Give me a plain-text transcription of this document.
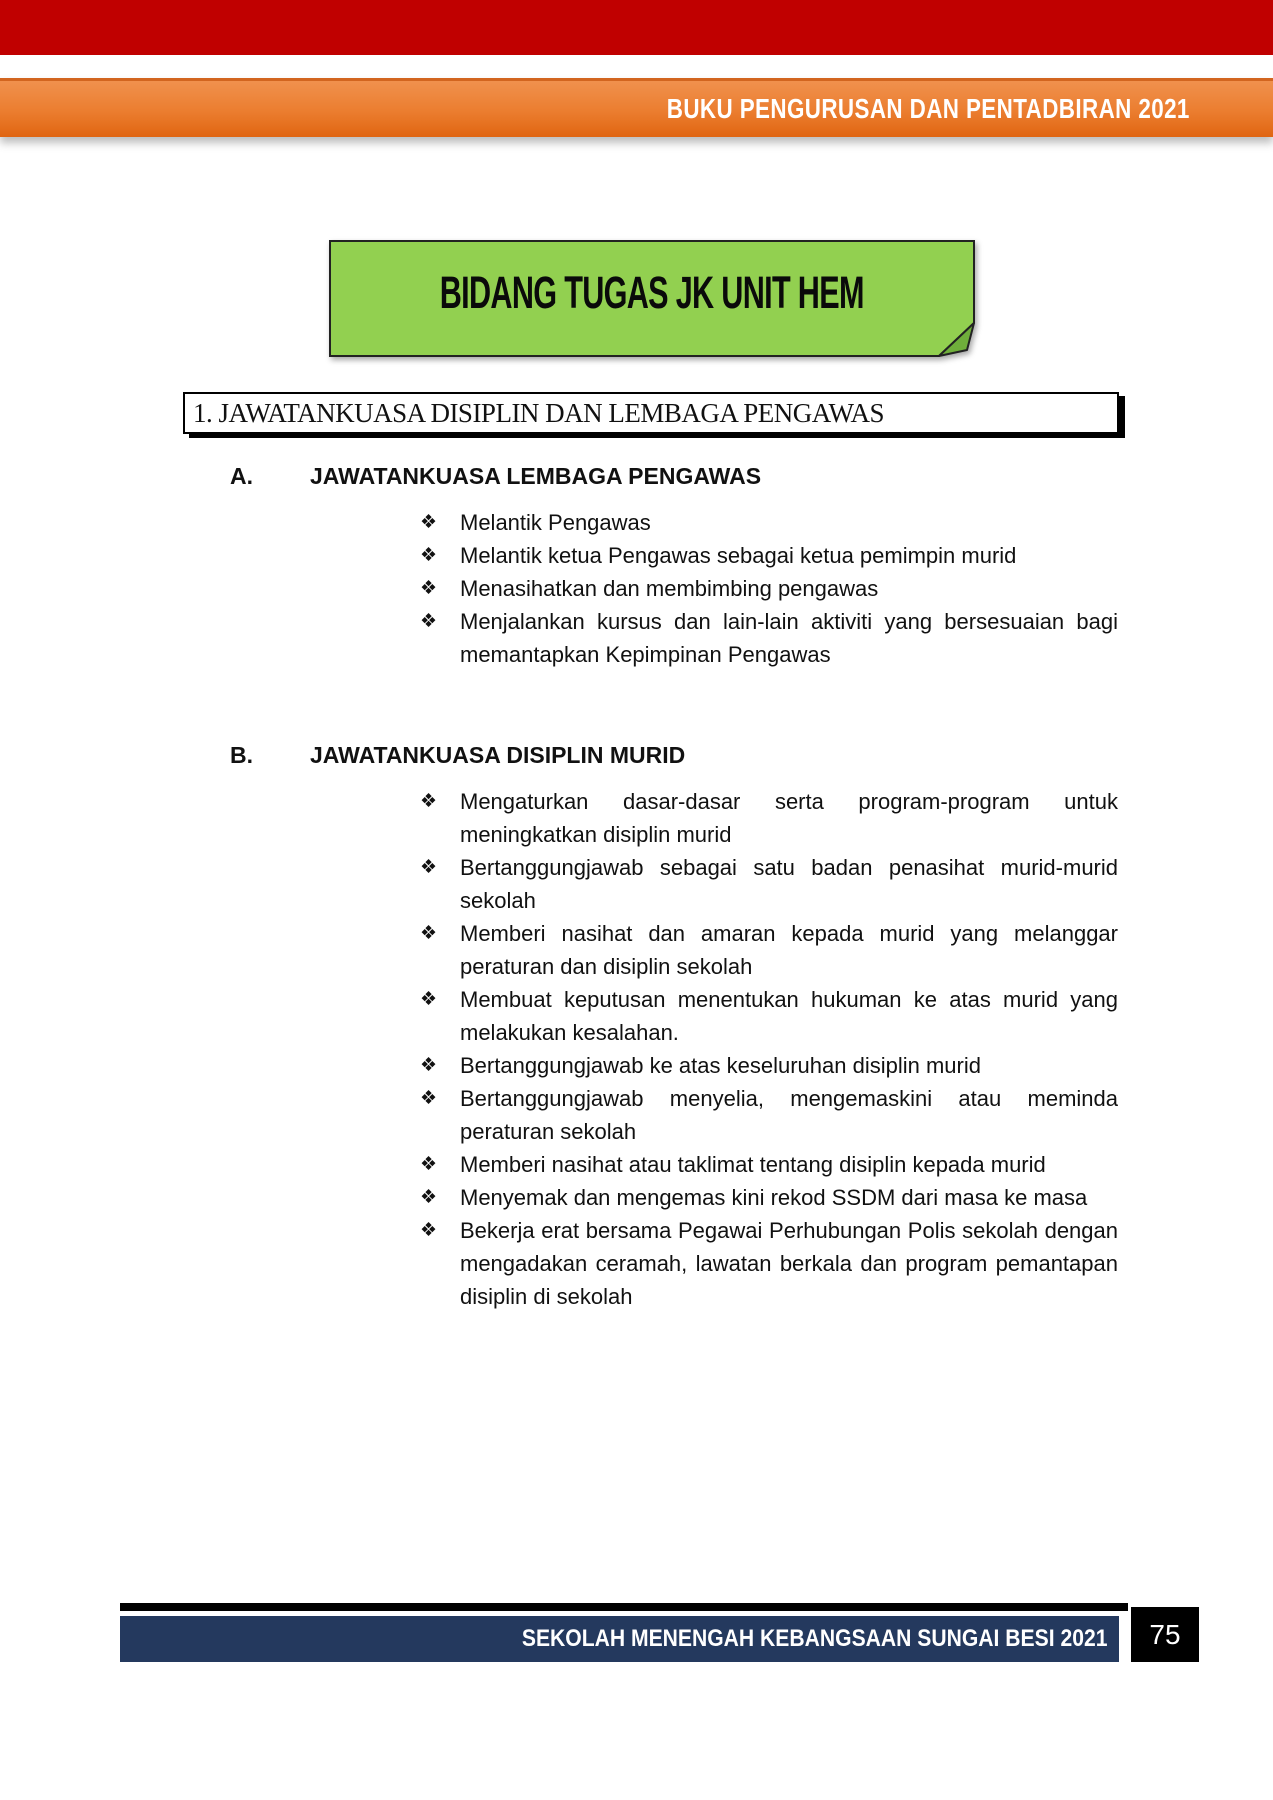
BUKU PENGURUSAN DAN PENTADBIRAN 2021
BIDANG TUGAS JK UNIT HEM
1. JAWATANKUASA DISIPLIN DAN LEMBAGA PENGAWAS
A.	JAWATANKUASA LEMBAGA PENGAWAS
❖	Melantik Pengawas
❖	Melantik ketua Pengawas sebagai ketua pemimpin murid
❖	Menasihatkan dan membimbing pengawas
❖	Menjalankan kursus dan lain-lain aktiviti yang bersesuaian bagi memantapkan Kepimpinan Pengawas
B.	JAWATANKUASA DISIPLIN MURID
❖	Mengaturkan dasar-dasar serta program-program untuk meningkatkan disiplin murid
❖	Bertanggungjawab sebagai satu badan penasihat murid-murid sekolah
❖	Memberi nasihat dan amaran kepada murid yang melanggar peraturan dan disiplin sekolah
❖	Membuat keputusan menentukan hukuman ke atas murid yang melakukan kesalahan.
❖	Bertanggungjawab ke atas keseluruhan disiplin murid
❖	Bertanggungjawab menyelia, mengemaskini atau meminda peraturan sekolah
❖	Memberi nasihat atau taklimat tentang disiplin kepada murid
❖	Menyemak dan mengemas kini rekod SSDM dari masa ke masa
❖	Bekerja erat bersama Pegawai Perhubungan Polis sekolah dengan mengadakan ceramah, lawatan berkala dan program pemantapan disiplin di sekolah
SEKOLAH MENENGAH KEBANGSAAN SUNGAI BESI 2021 75
